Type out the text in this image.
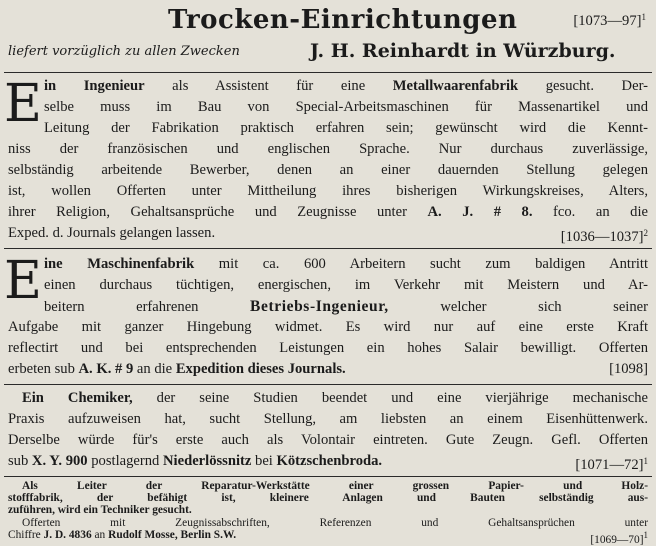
Trocken-Einrichtungen	[1073—97]$^1$
liefert vorzüglich zu allen Zwecken	J. H. Reinhardt in Würzburg.
E in Ingenieur als Assistent für eine Metallwaarenfabrik gesucht. Der-
selbe muss im Bau von Special-Arbeitsmaschinen für Massenartikel und
Leitung der Fabrikation praktisch erfahren sein; gewünscht wird die Kennt-
niss der französischen und englischen Sprache. Nur durchaus zuverlässige,
selbständig arbeitende Bewerber, denen an einer dauernden Stellung gelegen
ist, wollen Offerten unter Mittheilung ihres bisherigen Wirkungskreises, Alters,
ihrer Religion, Gehaltsansprüche und Zeugnisse unter A. J. # 8. fco. an die
Exped. d. Journals gelangen lassen.	[1036—1037]$^2$
E ine Maschinenfabrik mit ca. 600 Arbeitern sucht zum baldigen Antritt
einen durchaus tüchtigen, energischen, im Verkehr mit Meistern und Ar-
beitern erfahrenen Betriebs-Ingenieur, welcher sich seiner
Aufgabe mit ganzer Hingebung widmet. Es wird nur auf eine erste Kraft
reflectirt und bei entsprechenden Leistungen ein hohes Salair bewilligt. Offerten
erbeten sub A. K. # 9 an die Expedition dieses Journals.	[1098]
Ein Chemiker, der seine Studien beendet und eine vierjährige mechanische
Praxis aufzuweisen hat, sucht Stellung, am liebsten an einem Eisenhüttenwerk.
Derselbe würde für's erste auch als Volontair eintreten. Gute Zeugn. Gefl. Offerten
sub X. Y. 900 postlagernd Niederlössnitz bei Kötzschenbroda.	[1071—72]$^1$
Als Leiter der Reparatur-Werkstätte einer grossen Papier- und Holz-
stofffabrik, der befähigt ist, kleinere Anlagen und Bauten selbständig aus-
zuführen, wird ein Techniker gesucht.
Offerten mit Zeugnissabschriften, Referenzen und Gehaltsansprüchen unter
Chiffre J. D. 4836 an Rudolf Mosse, Berlin S.W.	[1069—70]$^1$
